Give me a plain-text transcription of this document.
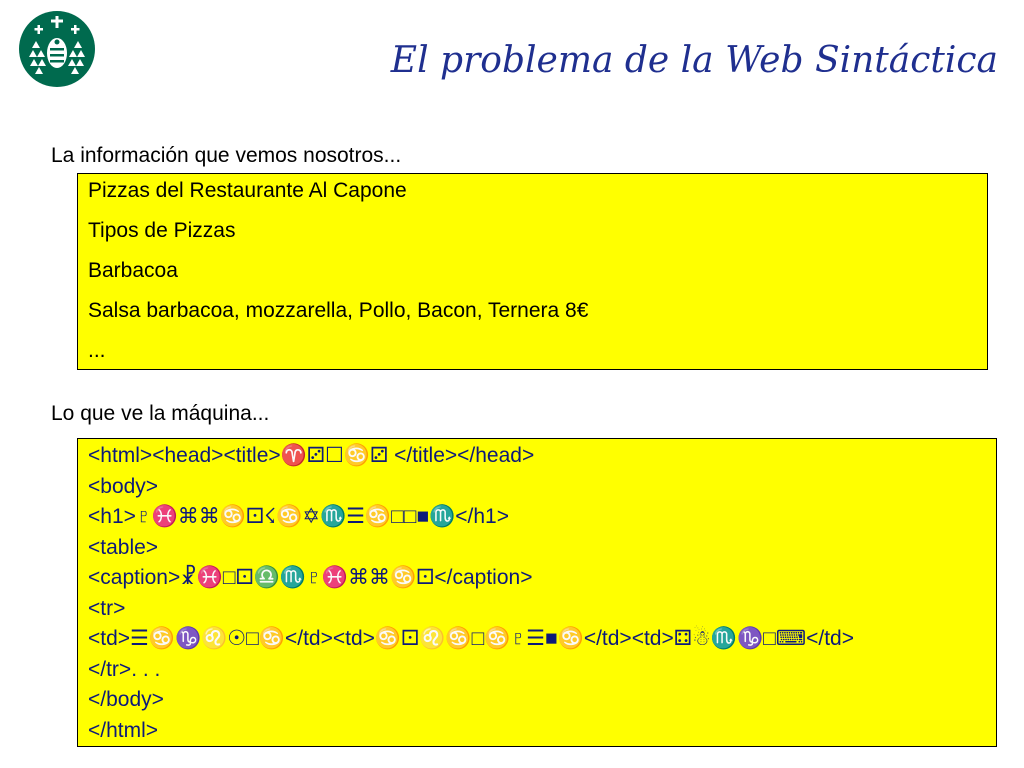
El problema de la Web Sintáctica
La información que vemos nosotros...
Pizzas del Restaurante Al Capone
Tipos de Pizzas
Barbacoa
Salsa barbacoa, mozzarella, Pollo, Bacon, Ternera 8€
...
Lo que ve la máquina...
<html><head><title>♈⚂☐♋⚂ </title></head>
<body>
<h1>♇♓⌘⌘♋⚀☇♋✡♏☰♋□□■♏</h1>
<table>
<caption>☧♓□⚀♎♏♇♓⌘⌘♋⚀</caption>
<tr>
<td>☰♋♑♌☉□♋</td><td>♋⚀♌♋□♋♇☰■♋</td><td>⚃☃♏♑□⌨</td>
</tr>. . .
</body>
</html>
